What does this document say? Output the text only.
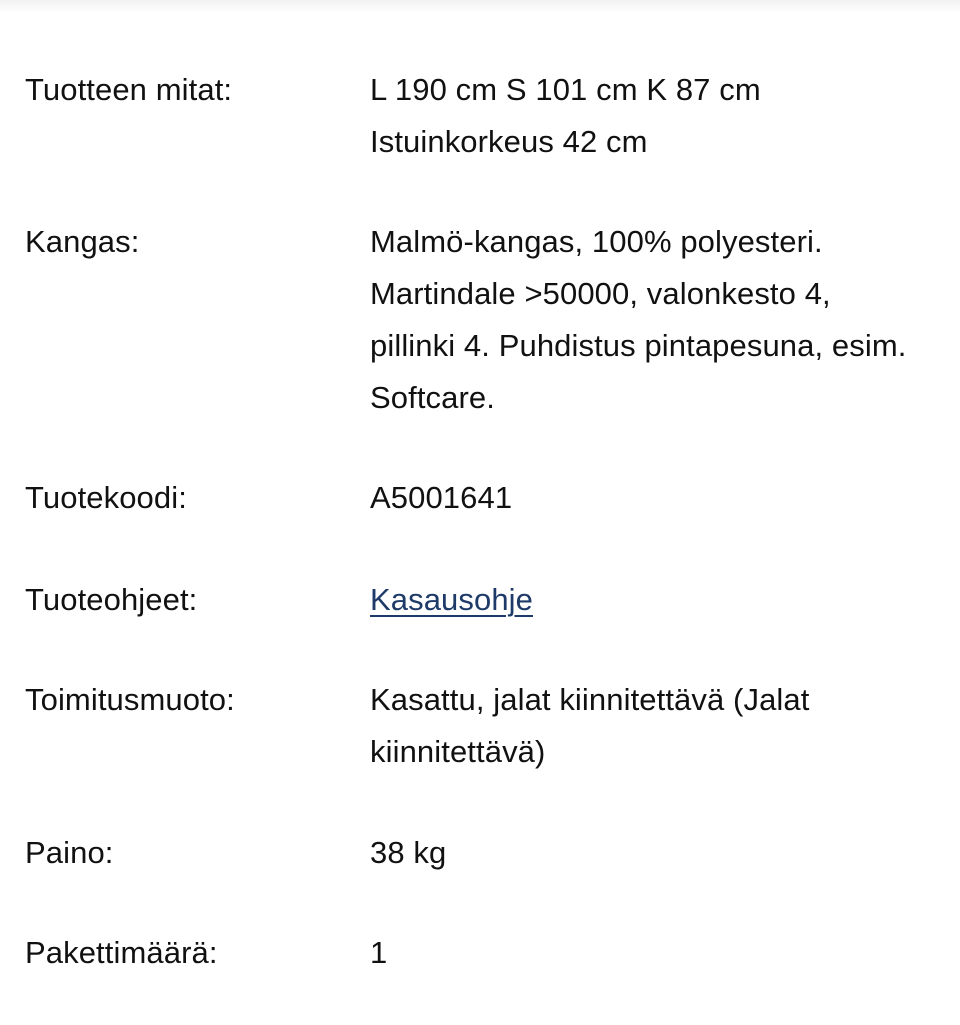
Tuotteen mitat:	L 190 cm S 101 cm K 87 cm
Istuinkorkeus 42 cm
Kangas:	Malmö-kangas, 100% polyesteri.
Martindale >50000, valonkesto 4,
pillinki 4. Puhdistus pintapesuna, esim.
Softcare.
Tuotekoodi:	A5001641
Tuoteohjeet:	Kasausohje
Toimitusmuoto:	Kasattu, jalat kiinnitettävä (Jalat
kiinnitettävä)
Paino:	38 kg
Pakettimäärä:	1
